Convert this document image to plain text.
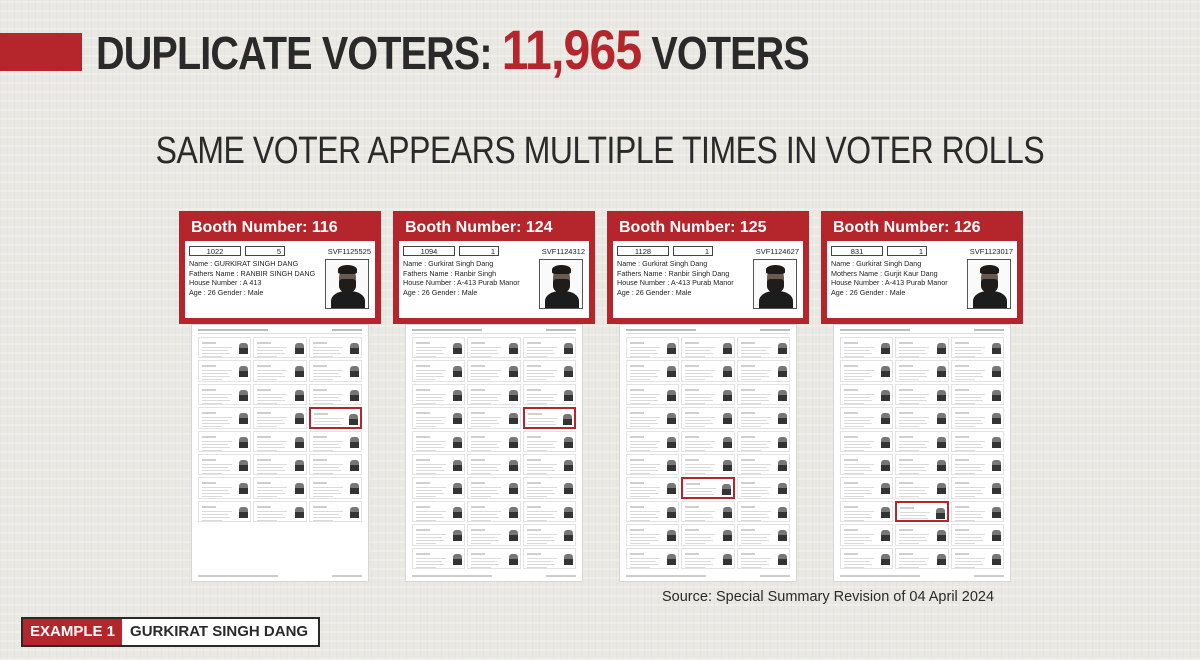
DUPLICATE VOTERS: 11,965 VOTERS
SAME VOTER APPEARS MULTIPLE TIMES IN VOTER ROLLS
Booth Number: 116
1022	5	SVF1125525
Name : GURKIRAT SINGH DANG
Fathers Name : RANBIR SINGH DANG
House Number : A 413
Age : 26 Gender : Male
Booth Number: 124
1094	1	SVF1124312
Name : Gurkirat Singh Dang
Fathers Name : Ranbir Singh
House Number : A-413 Purab Manor
Age : 26 Gender : Male
Booth Number: 125
1128	1	SVF1124627
Name : Gurkirat Singh Dang
Fathers Name : Ranbir Singh Dang
House Number : A-413 Purab Manor
Age : 26 Gender : Male
Booth Number: 126
831	1	SVF1123017
Name : Gurkirat Singh Dang
Mothers Name : Gurjit Kaur Dang
House Number : A-413 Purab Manor
Age : 26 Gender : Male
Source: Special Summary Revision of 04 April 2024
EXAMPLE 1	GURKIRAT SINGH DANG
